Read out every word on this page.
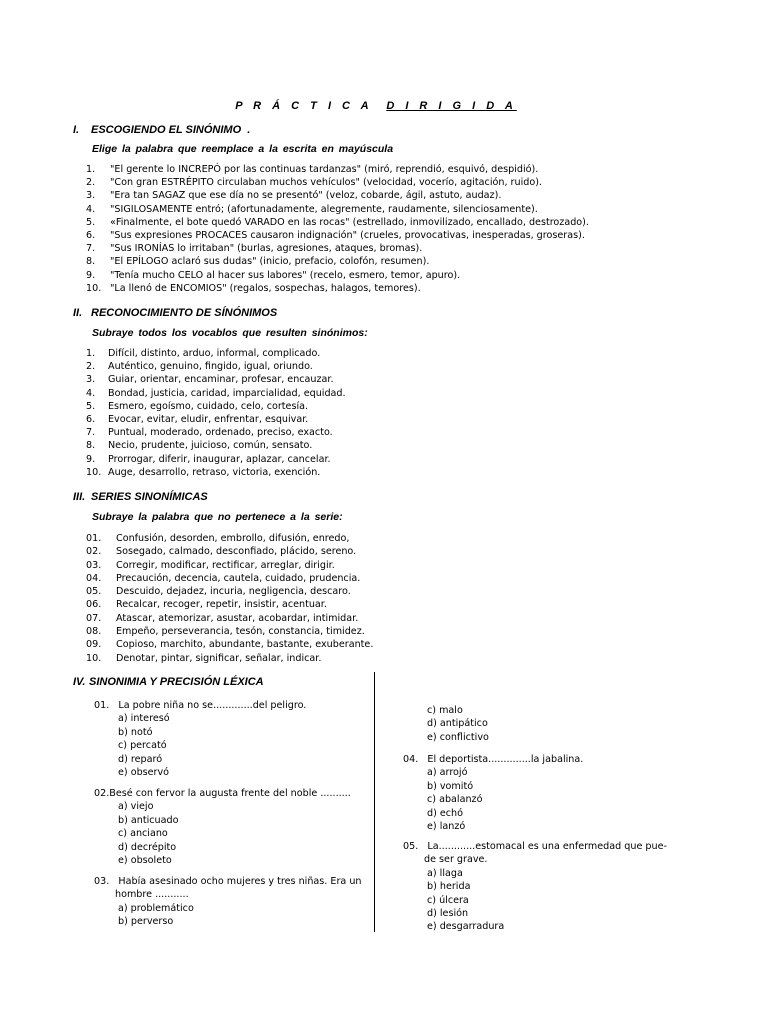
P R Á C T I C A D I R I G I D A
I. ESCOGIENDO EL SINÓNIMO  .
Elige la palabra que reemplace a la escrita en mayúscula
1. "El gerente lo INCREPÓ por las continuas tardanzas" (miró, reprendió, esquivó, despidió).
2. "Con gran ESTRÉPITO circulaban muchos vehículos" (velocidad, vocerío, agitación, ruido).
3. "Era tan SAGAZ que ese día no se presentó" (veloz, cobarde, ágil, astuto, audaz).
4. "SIGILOSAMENTE entró; (afortunadamente, alegremente, raudamente, silenciosamente).
5. «Finalmente, el bote quedó VARADO en las rocas" (estrellado, inmovilizado, encallado, destrozado).
6. "Sus expresiones PROCACES causaron indignación" (crueles, provocativas, inesperadas, groseras).
7. "Sus IRONÍAS lo irritaban" (burlas, agresiones, ataques, bromas).
8. "El EPÍLOGO aclaró sus dudas" (inicio, prefacio, colofón, resumen).
9. "Tenía mucho CELO al hacer sus labores" (recelo, esmero, temor, apuro).
10. "La llenó de ENCOMIOS" (regalos, sospechas, halagos, temores).
II. RECONOCIMIENTO DE SÍNÓNIMOS
Subraye todos los vocablos que resulten sinónimos:
1. Difícil, distinto, arduo, informal, complicado.
2. Auténtico, genuino, fingido, igual, oriundo.
3. Guiar, orientar, encaminar, profesar, encauzar.
4. Bondad, justicia, caridad, imparcialidad, equidad.
5. Esmero, egoísmo, cuidado, celo, cortesía.
6. Evocar, evitar, eludir, enfrentar, esquivar.
7. Puntual, moderado, ordenado, preciso, exacto.
8. Necio, prudente, juicioso, común, sensato.
9. Prorrogar, diferir, inaugurar, aplazar, cancelar.
10. Auge, desarrollo, retraso, victoria, exención.
III. SERIES SINONÍMICAS
Subraye la palabra que no pertenece a la serie:
01. Confusión, desorden, embrollo, difusión, enredo,
02. Sosegado, calmado, desconfiado, plácido, sereno.
03. Corregir, modificar, rectificar, arreglar, dirigir.
04. Precaución, decencia, cautela, cuidado, prudencia.
05. Descuido, dejadez, incuria, negligencia, descaro.
06. Recalcar, recoger, repetir, insistir, acentuar.
07. Atascar, atemorizar, asustar, acobardar, intimidar.
08. Empeño, perseverancia, tesón, constancia, timidez.
09. Copioso, marchito, abundante, bastante, exuberante.
10. Denotar, pintar, significar, señalar, indicar.
IV. SINONIMIA Y PRECISIÓN LÉXICA
01.   La pobre niña no se.............del peligro.
a) interesó
b) notó
c) percató
d) reparó
e) observó
02.Besé con fervor la augusta frente del noble ..........
a) viejo
b) anticuado
c) anciano
d) decrépito
e) obsoleto
03.   Había asesinado ocho mujeres y tres niñas. Era un
hombre ...........
a) problemático
b) perverso
c) malo
d) antipático
e) conflictivo
04.   El deportista..............la jabalina.
a) arrojó
b) vomitó
c) abalanzó
d) echó
e) lanzó
05.   La............estomacal es una enfermedad que pue-
de ser grave.
a) llaga
b) herida
c) úlcera
d) lesión
e) desgarradura
